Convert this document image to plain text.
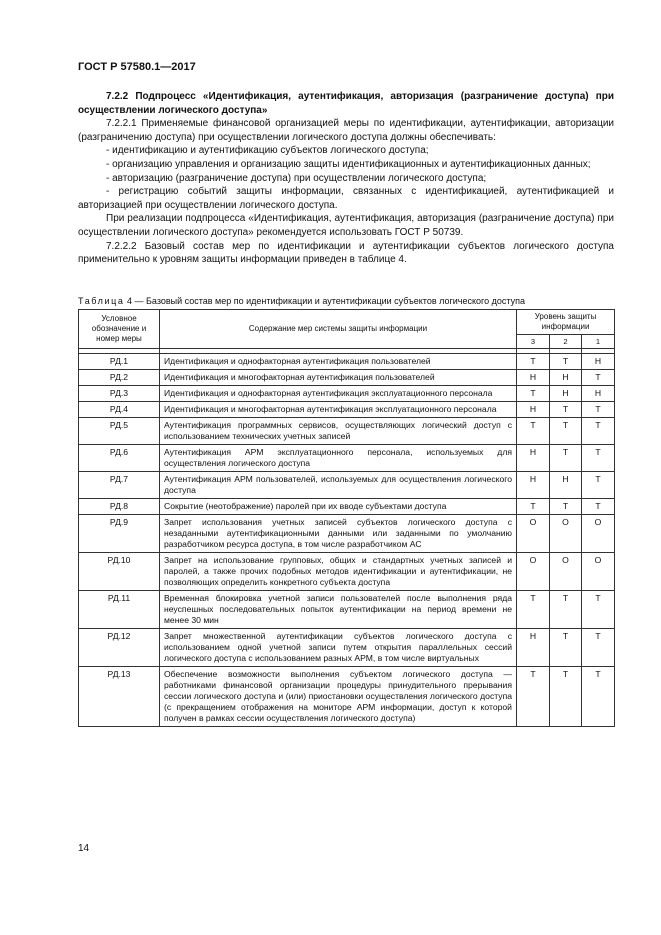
ГОСТ Р 57580.1—2017

7.2.2 Подпроцесс «Идентификация, аутентификация, авторизация (разграничение доступа) при осуществлении логического доступа»

7.2.2.1 Применяемые финансовой организацией меры по идентификации, аутентификации, авторизации (разграничению доступа) при осуществлении логического доступа должны обеспечивать:

- идентификацию и аутентификацию субъектов логического доступа;

- организацию управления и организацию защиты идентификационных и аутентификационных данных;

- авторизацию (разграничение доступа) при осуществлении логического доступа;

- регистрацию событий защиты информации, связанных с идентификацией, аутентификацией и авторизацией при осуществлении логического доступа.

При реализации подпроцесса «Идентификация, аутентификация, авторизация (разграничение доступа) при осуществлении логического доступа» рекомендуется использовать ГОСТ Р 50739.

7.2.2.2 Базовый состав мер по идентификации и аутентификации субъектов логического доступа применительно к уровням защиты информации приведен в таблице 4.

Таблица 4 — Базовый состав мер по идентификации и аутентификации субъектов логического доступа
Условное обозначение и номер меры	Содержание мер системы защиты информации	Уровень защиты информации		
		3	2	1

РД.1	Идентификация и однофакторная аутентификация пользователей	Т	Т	Н
РД.2	Идентификация и многофакторная аутентификация пользователей	Н	Н	Т
РД.3	Идентификация и однофакторная аутентификация эксплуатационного персонала	Т	Н	Н
РД.4	Идентификация и многофакторная аутентификация эксплуатационного персонала	Н	Т	Т
РД.5	Аутентификация программных сервисов, осуществляющих логический доступ с использованием технических учетных записей	Т	Т	Т
РД.6	Аутентификация АРМ эксплуатационного персонала, используемых для осуществления логического доступа	Н	Т	Т
РД.7	Аутентификация АРМ пользователей, используемых для осуществления логического доступа	Н	Н	Т
РД.8	Сокрытие (неотображение) паролей при их вводе субъектами доступа	Т	Т	Т
РД.9	Запрет использования учетных записей субъектов логического доступа с незаданными аутентификационными данными или заданными по умолчанию разработчиком ресурса доступа, в том числе разработчиком АС	О	О	О
РД.10	Запрет на использование групповых, общих и стандартных учетных записей и паролей, а также прочих подобных методов идентификации и аутентификации, не позволяющих определить конкретного субъекта доступа	О	О	О
РД.11	Временная блокировка учетной записи пользователей после выполнения ряда неуспешных последовательных попыток аутентификации на период времени не менее 30 мин	Т	Т	Т
РД.12	Запрет множественной аутентификации субъектов логического доступа с использованием одной учетной записи путем открытия параллельных сессий логического доступа с использованием разных АРМ, в том числе виртуальных	Н	Т	Т
РД.13	Обеспечение возможности выполнения субъектом логического доступа — работниками финансовой организации процедуры принудительного прерывания сессии логического доступа и (или) приостановки осуществления логического доступа (с прекращением отображения на мониторе АРМ информации, доступ к которой получен в рамках сессии осуществления логического доступа)	Т	Т	Т
14
